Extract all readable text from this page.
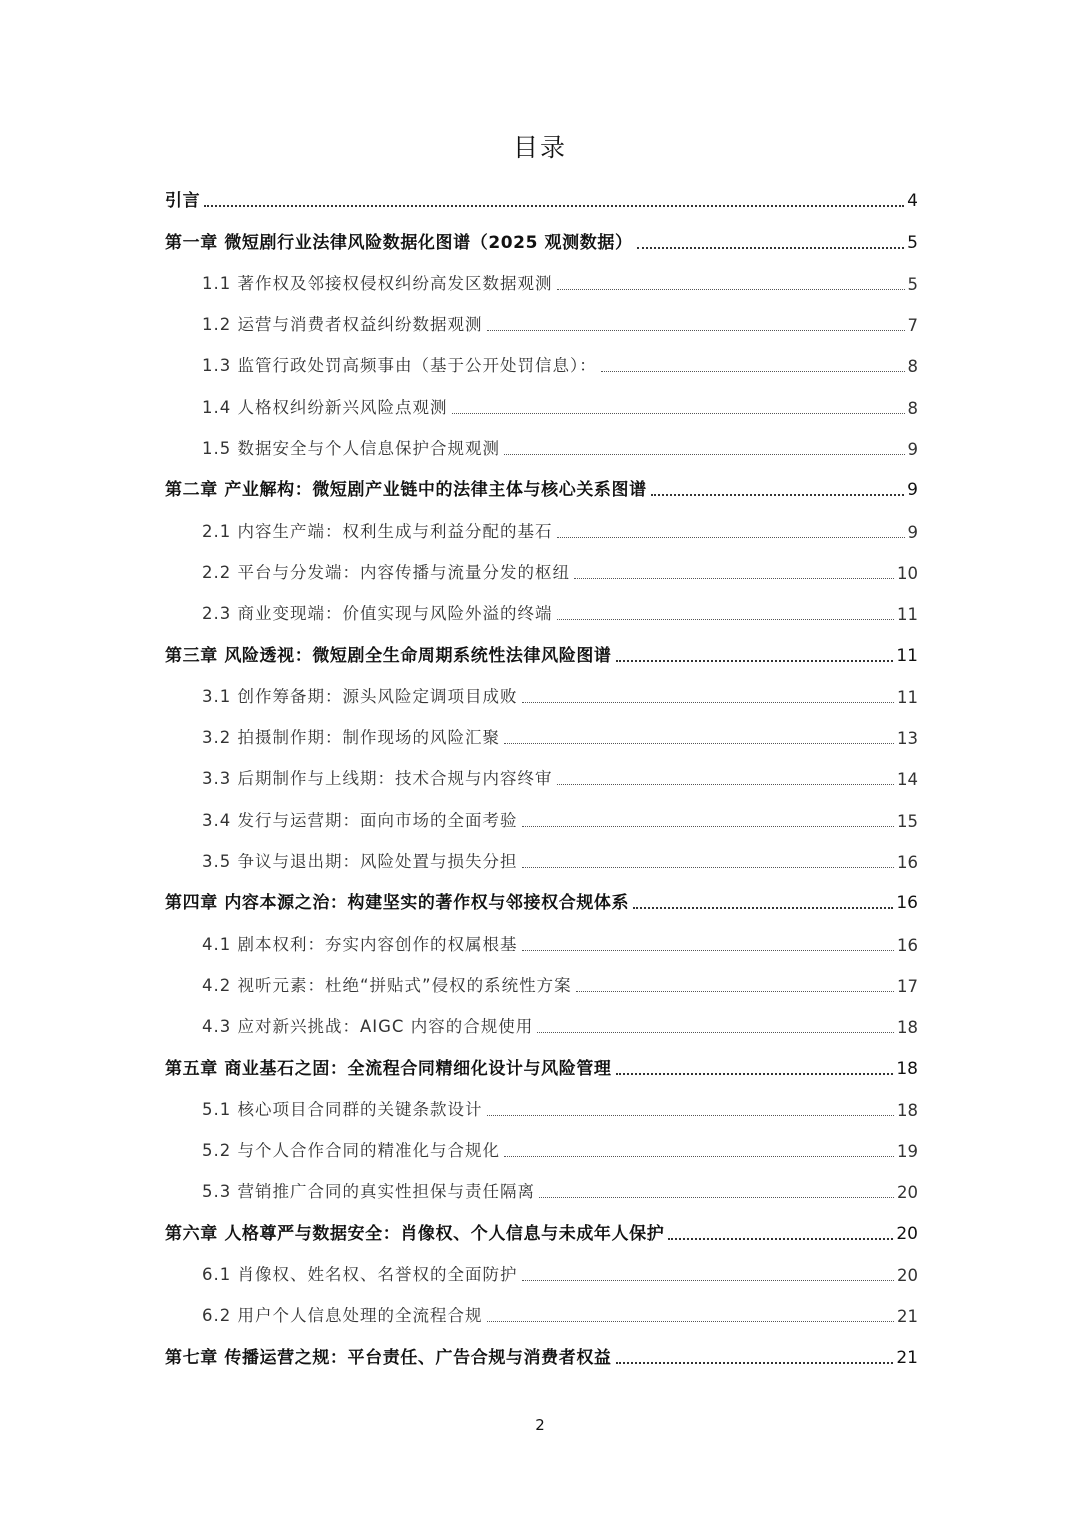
目录
引言	4
第一章 微短剧行业法律风险数据化图谱（2025 观测数据）	5
1.1 著作权及邻接权侵权纠纷高发区数据观测	5
1.2 运营与消费者权益纠纷数据观测	7
1.3 监管行政处罚高频事由（基于公开处罚信息）：	8
1.4 人格权纠纷新兴风险点观测	8
1.5 数据安全与个人信息保护合规观测	9
第二章 产业解构：微短剧产业链中的法律主体与核心关系图谱	9
2.1 内容生产端：权利生成与利益分配的基石	9
2.2 平台与分发端：内容传播与流量分发的枢纽	10
2.3 商业变现端：价值实现与风险外溢的终端	11
第三章 风险透视：微短剧全生命周期系统性法律风险图谱	11
3.1 创作筹备期：源头风险定调项目成败	11
3.2 拍摄制作期：制作现场的风险汇聚	13
3.3 后期制作与上线期：技术合规与内容终审	14
3.4 发行与运营期：面向市场的全面考验	15
3.5 争议与退出期：风险处置与损失分担	16
第四章 内容本源之治：构建坚实的著作权与邻接权合规体系	16
4.1 剧本权利：夯实内容创作的权属根基	16
4.2 视听元素：杜绝“拼贴式”侵权的系统性方案	17
4.3 应对新兴挑战：AIGC 内容的合规使用	18
第五章 商业基石之固：全流程合同精细化设计与风险管理	18
5.1 核心项目合同群的关键条款设计	18
5.2 与个人合作合同的精准化与合规化	19
5.3 营销推广合同的真实性担保与责任隔离	20
第六章 人格尊严与数据安全：肖像权、个人信息与未成年人保护	20
6.1 肖像权、姓名权、名誉权的全面防护	20
6.2 用户个人信息处理的全流程合规	21
第七章 传播运营之规：平台责任、广告合规与消费者权益	21
2
